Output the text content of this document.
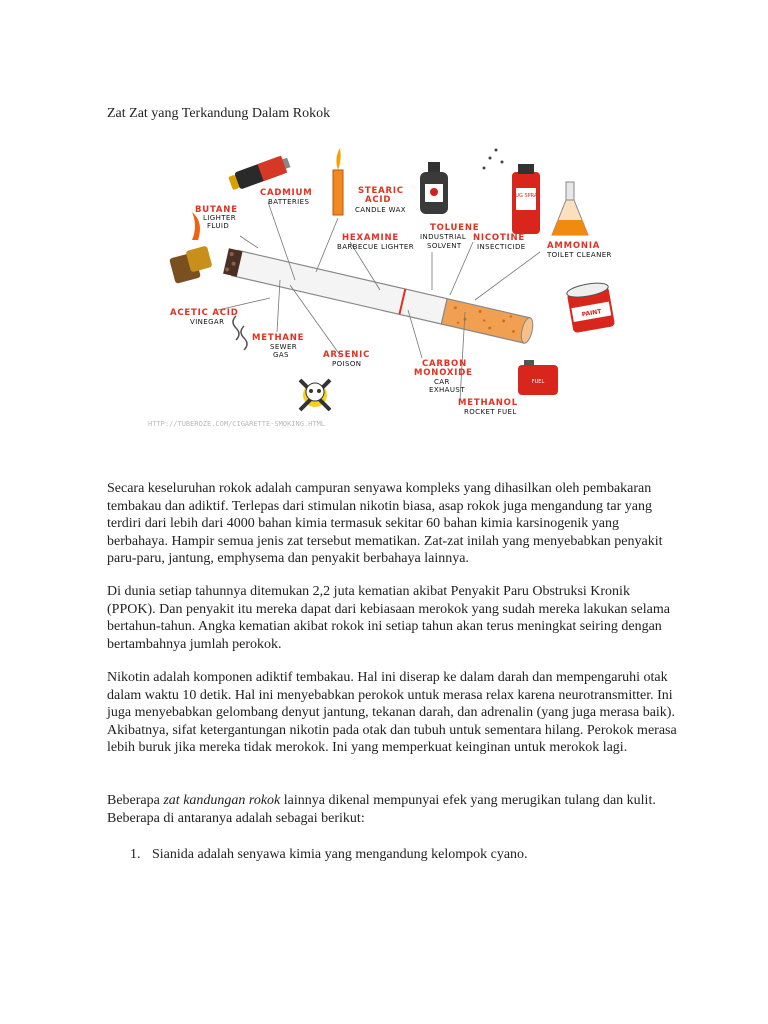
Zat Zat yang Terkandung Dalam Rokok
BUG SPRAY
PAINT
FUEL
CADMIUM
BATTERIES
STEARIC
ACID
CANDLE WAX
TOLUENE
INDUSTRIAL
SOLVENT
BUTANE
LIGHTER
FLUID
HEXAMINE
BARBECUE LIGHTER
NICOTINE
INSECTICIDE	AMMONIA
TOILET CLEANER
ACETIC ACID
VINEGAR
METHANE
SEWER
GAS	ARSENIC
POISON	CARBON
MONOXIDE
CAR
EXHAUST
METHANOL
ROCKET FUEL
HTTP://TUBEROZE.COM/CIGARETTE-SMOKING.HTML

Secara keseluruhan rokok adalah campuran senyawa kompleks yang dihasilkan oleh pembakaran tembakau dan adiktif. Terlepas dari stimulan nikotin biasa, asap rokok juga mengandung tar yang terdiri dari lebih dari 4000 bahan kimia termasuk sekitar 60 bahan kimia karsinogenik yang berbahaya. Hampir semua jenis zat tersebut mematikan. Zat-zat inilah yang menyebabkan penyakit paru-paru, jantung, emphysema dan penyakit berbahaya lainnya.

Di dunia setiap tahunnya ditemukan 2,2 juta kematian akibat Penyakit Paru Obstruksi Kronik (PPOK). Dan penyakit itu mereka dapat dari kebiasaan merokok yang sudah mereka lakukan selama bertahun-tahun. Angka kematian akibat rokok ini setiap tahun akan terus meningkat seiring dengan bertambahnya jumlah perokok.

Nikotin adalah komponen adiktif tembakau. Hal ini diserap ke dalam darah dan mempengaruhi otak dalam waktu 10 detik. Hal ini menyebabkan perokok untuk merasa relax karena neurotransmitter. Ini juga menyebabkan gelombang denyut jantung, tekanan darah, dan adrenalin (yang juga merasa baik). Akibatnya, sifat ketergantungan nikotin pada otak dan tubuh untuk sementara hilang. Perokok merasa lebih buruk jika mereka tidak merokok. Ini yang memperkuat keinginan untuk merokok lagi.

Beberapa zat kandungan rokok lainnya dikenal mempunyai efek yang merugikan tulang dan kulit. Beberapa di antaranya adalah sebagai berikut:

1. Sianida adalah senyawa kimia yang mengandung kelompok cyano.
